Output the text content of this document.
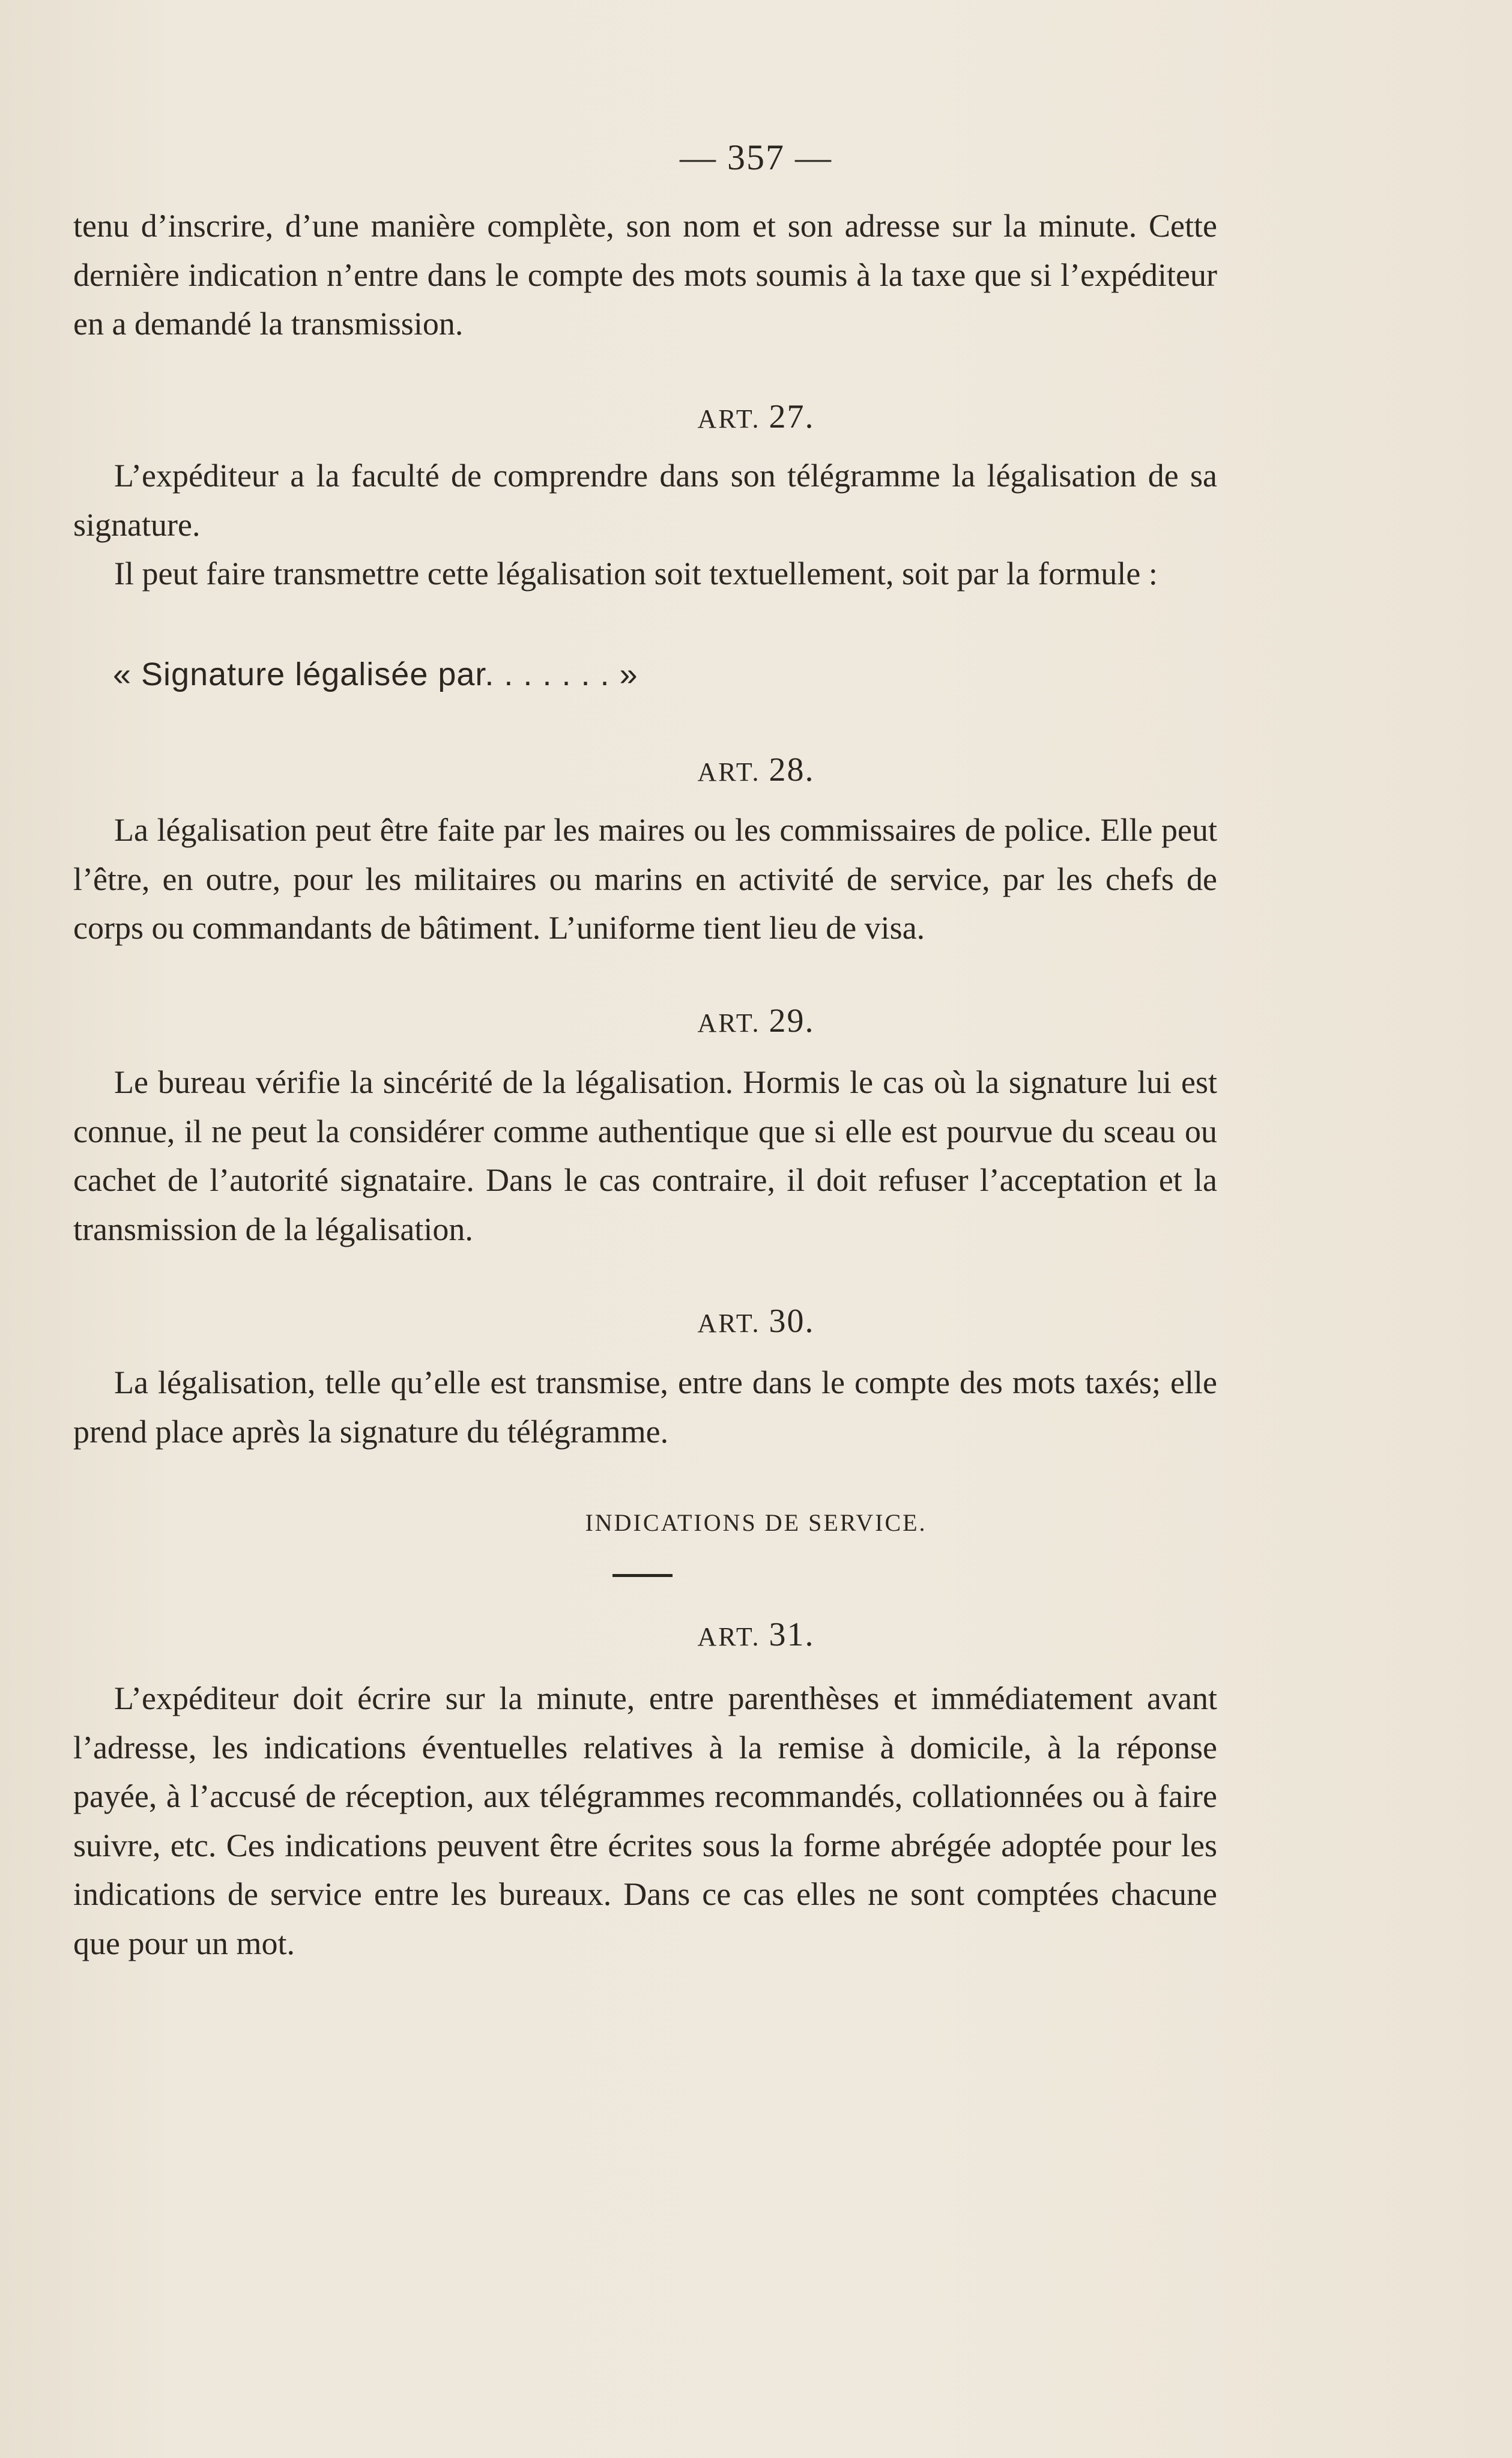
— 357 —

tenu d’inscrire, d’une manière complète, son nom et son adresse sur la minute. Cette dernière indication n’entre dans le compte des mots soumis à la taxe que si l’expéditeur en a demandé la transmission.

ART. 27.

L’expéditeur a la faculté de comprendre dans son télégramme la légalisation de sa signature.

Il peut faire transmettre cette légalisation soit textuellement, soit par la formule :

« Signature légalisée par. . . . . . . »
ART. 28.

La légalisation peut être faite par les maires ou les commissaires de police. Elle peut l’être, en outre, pour les militaires ou marins en activité de service, par les chefs de corps ou commandants de bâtiment. L’uniforme tient lieu de visa.

ART. 29.

Le bureau vérifie la sincérité de la légalisation. Hormis le cas où la signature lui est connue, il ne peut la considérer comme authentique que si elle est pourvue du sceau ou cachet de l’autorité signataire. Dans le cas contraire, il doit refuser l’acceptation et la transmission de la légalisation.

ART. 30.

La légalisation, telle qu’elle est transmise, entre dans le compte des mots taxés; elle prend place après la signature du télégramme.

INDICATIONS DE SERVICE.
ART. 31.

L’expéditeur doit écrire sur la minute, entre parenthèses et immédiatement avant l’adresse, les indications éventuelles relatives à la remise à domicile, à la réponse payée, à l’accusé de réception, aux télégrammes recommandés, collationnées ou à faire suivre, etc. Ces indications peuvent être écrites sous la forme abrégée adoptée pour les indications de service entre les bureaux. Dans ce cas elles ne sont comptées chacune que pour un mot.
